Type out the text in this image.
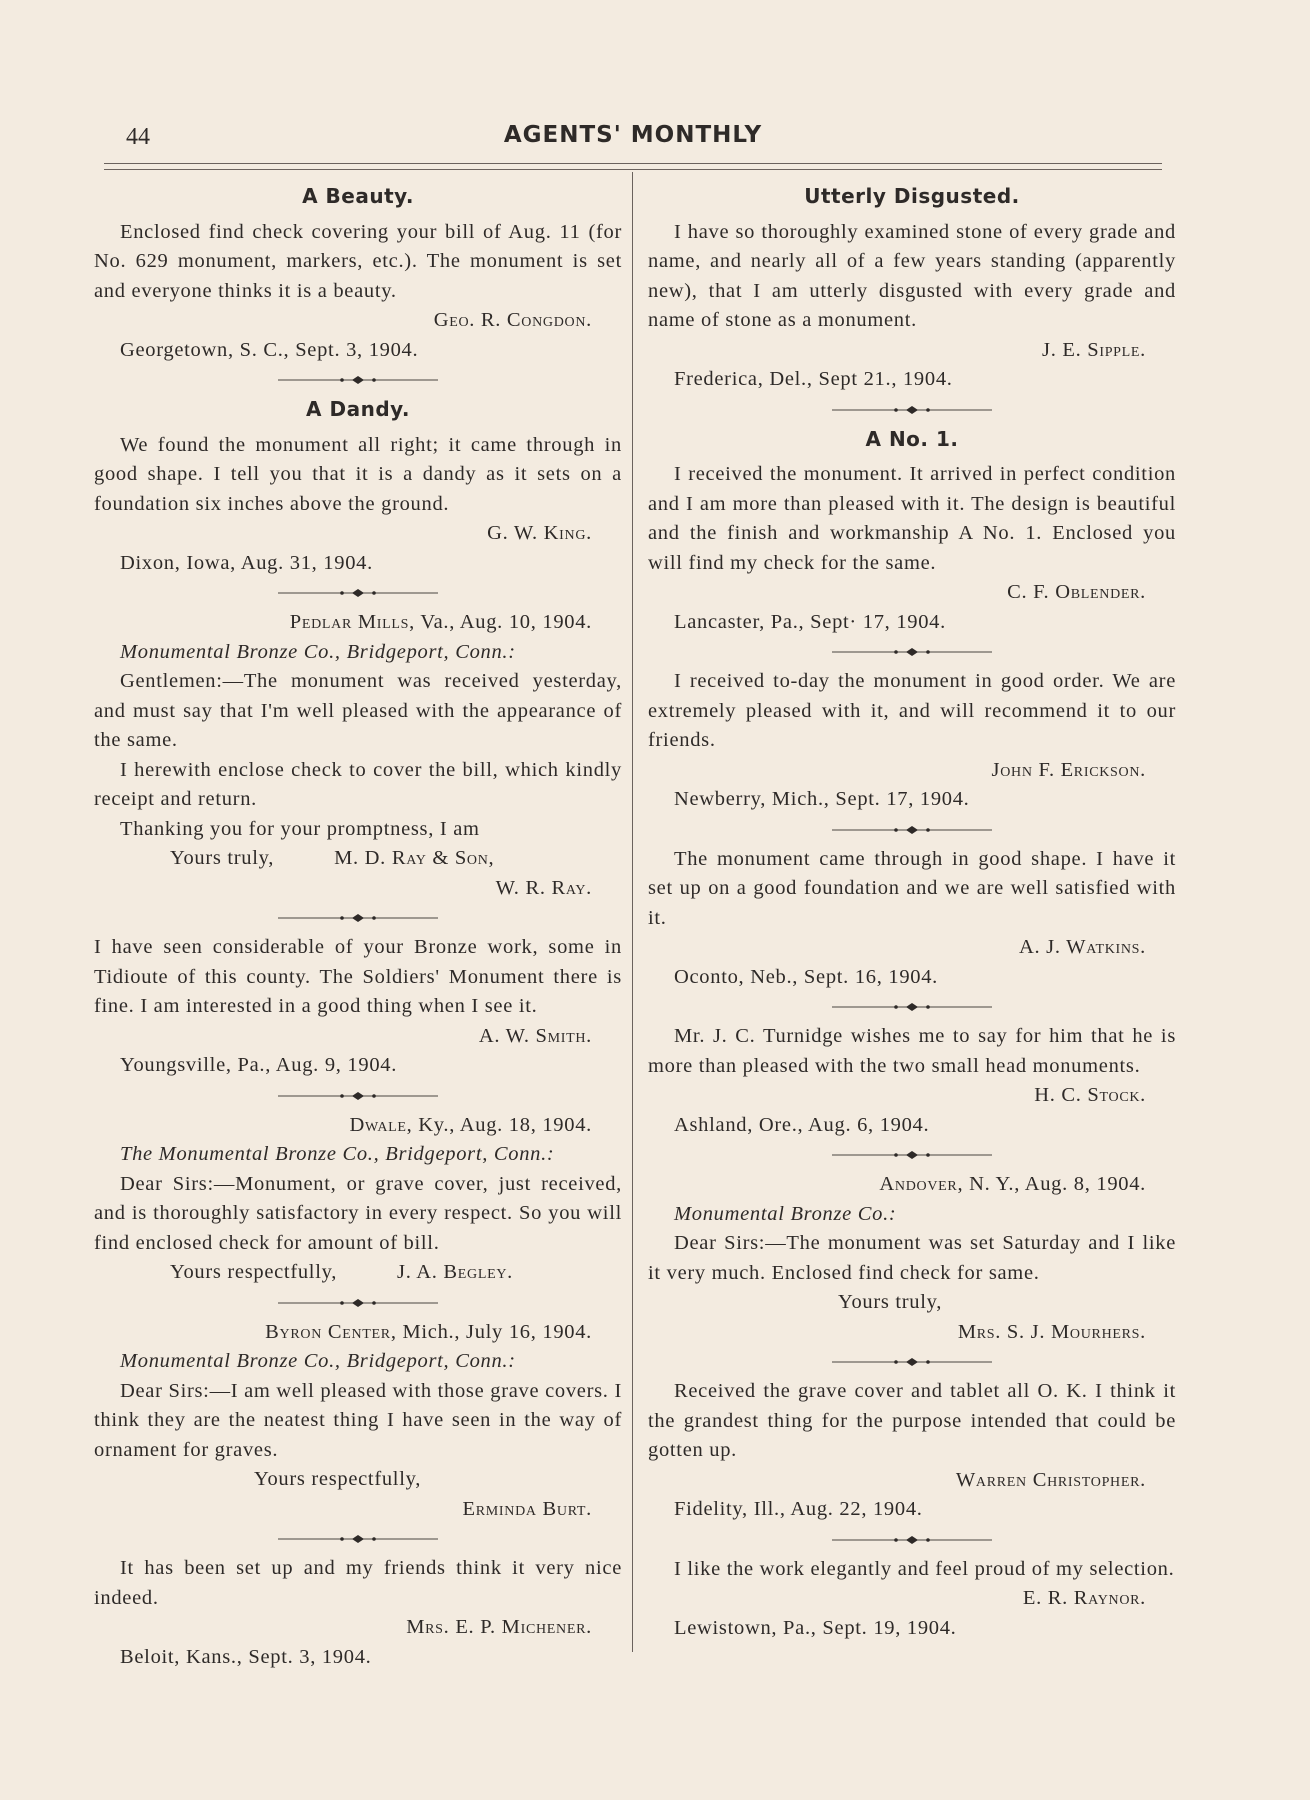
44	AGENTS' MONTHLY
A Beauty.

Enclosed find check covering your bill of Aug. 11 (for No. 629 monument, markers, etc.). The monument is set and everyone thinks it is a beauty.

Geo. R. Congdon.
Georgetown, S. C., Sept. 3, 1904.
A Dandy.

We found the monument all right; it came through in good shape. I tell you that it is a dandy as it sets on a foundation six inches above the ground.

G. W. King.
Dixon, Iowa, Aug. 31, 1904.
Pedlar Mills, Va., Aug. 10, 1904.

Monumental Bronze Co., Bridgeport, Conn.:

Gentlemen:—The monument was received yesterday, and must say that I'm well pleased with the appearance of the same.

I herewith enclose check to cover the bill, which kindly receipt and return.

Thanking you for your promptness, I am

Yours truly,	M. D. Ray & Son,
W. R. Ray.

I have seen considerable of your Bronze work, some in Tidioute of this county. The Soldiers' Monument there is fine. I am interested in a good thing when I see it.

A. W. Smith.
Youngsville, Pa., Aug. 9, 1904.
Dwale, Ky., Aug. 18, 1904.

The Monumental Bronze Co., Bridgeport, Conn.:

Dear Sirs:—Monument, or grave cover, just received, and is thoroughly satisfactory in every respect. So you will find enclosed check for amount of bill.

Yours respectfully,	J. A. Begley.
Byron Center, Mich., July 16, 1904.

Monumental Bronze Co., Bridgeport, Conn.:

Dear Sirs:—I am well pleased with those grave covers. I think they are the neatest thing I have seen in the way of ornament for graves.

Yours respectfully,
Erminda Burt.

It has been set up and my friends think it very nice indeed.

Mrs. E. P. Michener.
Beloit, Kans., Sept. 3, 1904.
Utterly Disgusted.

I have so thoroughly examined stone of every grade and name, and nearly all of a few years standing (apparently new), that I am utterly disgusted with every grade and name of stone as a monument.

J. E. Sipple.
Frederica, Del., Sept 21., 1904.
A No. 1.

I received the monument. It arrived in perfect condition and I am more than pleased with it. The design is beautiful and the finish and workmanship A No. 1. Enclosed you will find my check for the same.

C. F. Oblender.
Lancaster, Pa., Sept· 17, 1904.

I received to-day the monument in good order. We are extremely pleased with it, and will recommend it to our friends.

John F. Erickson.
Newberry, Mich., Sept. 17, 1904.

The monument came through in good shape. I have it set up on a good foundation and we are well satisfied with it.

A. J. Watkins.
Oconto, Neb., Sept. 16, 1904.

Mr. J. C. Turnidge wishes me to say for him that he is more than pleased with the two small head monuments.

H. C. Stock.
Ashland, Ore., Aug. 6, 1904.
Andover, N. Y., Aug. 8, 1904.

Monumental Bronze Co.:

Dear Sirs:—The monument was set Saturday and I like it very much. Enclosed find check for same.

Yours truly,
Mrs. S. J. Mourhers.

Received the grave cover and tablet all O. K. I think it the grandest thing for the purpose intended that could be gotten up.

Warren Christopher.
Fidelity, Ill., Aug. 22, 1904.

I like the work elegantly and feel proud of my selection.

E. R. Raynor.
Lewistown, Pa., Sept. 19, 1904.
